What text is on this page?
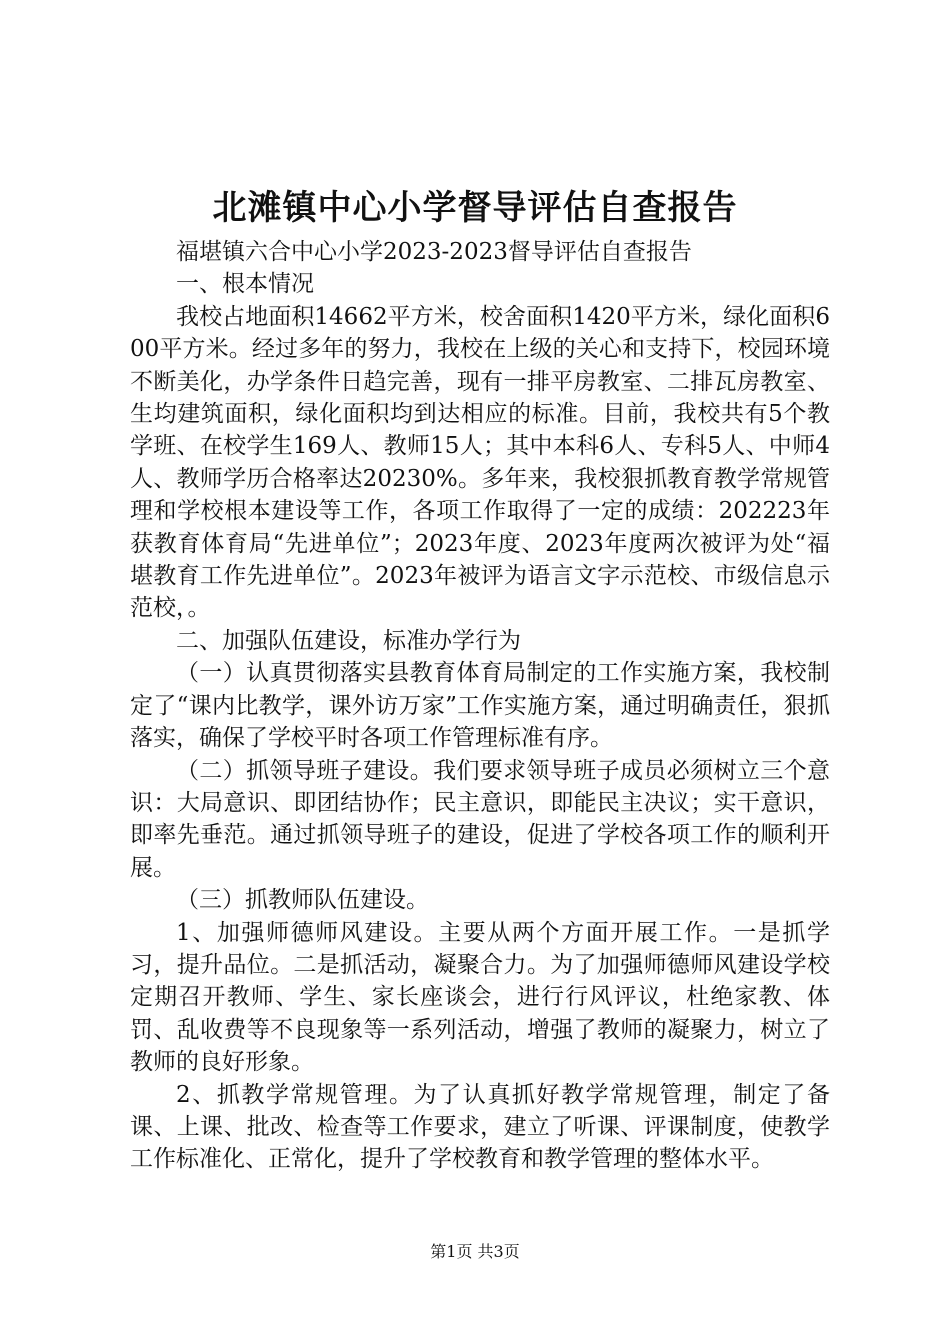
北滩镇中心小学督导评估自查报告

福堪镇六合中心小学2023-2023督导评估自查报告

一、根本情况

我校占地面积14662平方米，校舍面积1420平方米，绿化面积600平方米。经过多年的努力，我校在上级的关心和支持下，校园环境不断美化，办学条件日趋完善，现有一排平房教室、二排瓦房教室、生均建筑面积，绿化面积均到达相应的标准。目前，我校共有5个教学班、在校学生169人、教师15人；其中本科6人、专科5人、中师4人、教师学历合格率达20230%。多年来，我校狠抓教育教学常规管理和学校根本建设等工作，各项工作取得了一定的成绩：202223年获教育体育局“先进单位”；2023年度、2023年度两次被评为处“福堪教育工作先进单位”。2023年被评为语言文字示范校、市级信息示范校，。

二、加强队伍建设，标准办学行为

（一）认真贯彻落实县教育体育局制定的工作实施方案，我校制定了“课内比教学，课外访万家”工作实施方案，通过明确责任，狠抓落实，确保了学校平时各项工作管理标准有序。

（二）抓领导班子建设。我们要求领导班子成员必须树立三个意识：大局意识、即团结协作；民主意识，即能民主决议；实干意识，即率先垂范。通过抓领导班子的建设，促进了学校各项工作的顺利开展。

（三）抓教师队伍建设。

1、加强师德师风建设。主要从两个方面开展工作。一是抓学习，提升品位。二是抓活动，凝聚合力。为了加强师德师风建设学校定期召开教师、学生、家长座谈会，进行行风评议，杜绝家教、体罚、乱收费等不良现象等一系列活动，增强了教师的凝聚力，树立了教师的良好形象。

2、抓教学常规管理。为了认真抓好教学常规管理，制定了备课、上课、批改、检查等工作要求，建立了听课、评课制度，使教学工作标准化、正常化，提升了学校教育和教学管理的整体水平。

第1页 共3页
